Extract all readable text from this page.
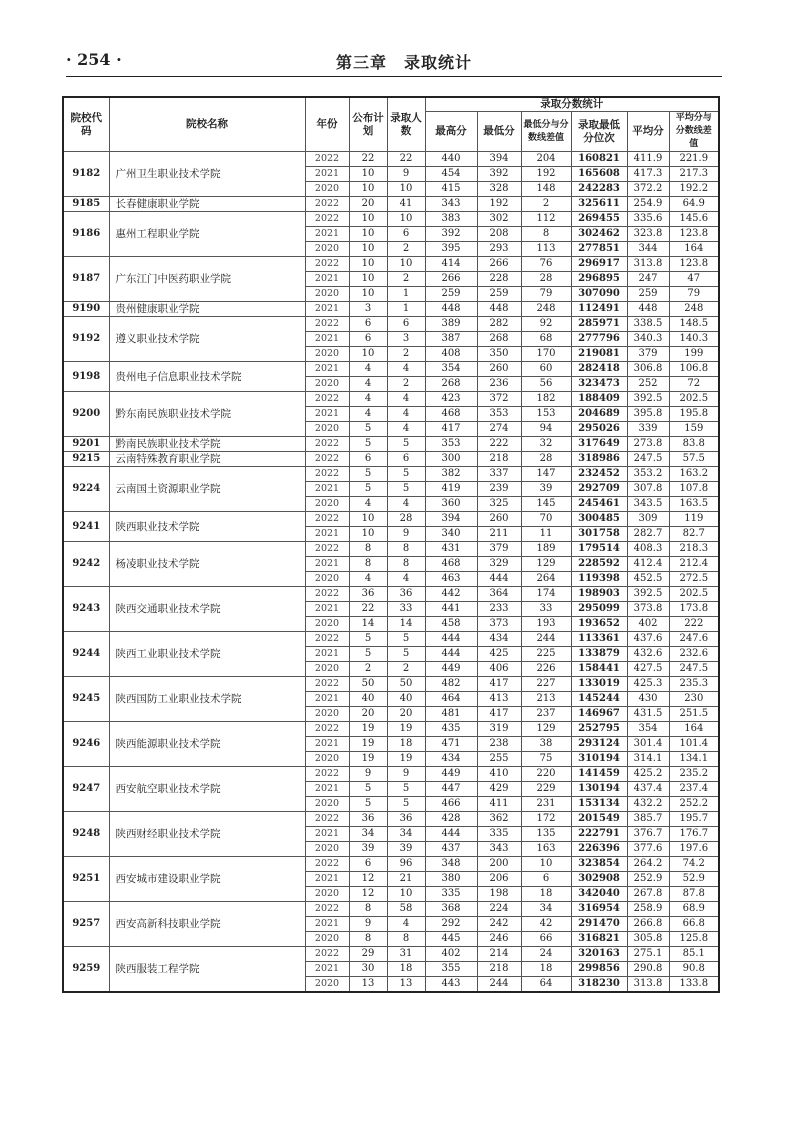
· 254 ·	第三章　录取统计
院校代码	院校名称	年份	公布计划	录取人数	录取分数统计					
					最高分	最低分	最低分与分数线差值	录取最低分位次	平均分	平均分与分数线差值
9182	广州卫生职业技术学院	2022	22	22	440	394	204	160821	411.9	221.9
		2021	10	9	454	392	192	165608	417.3	217.3
		2020	10	10	415	328	148	242283	372.2	192.2
9185	长春健康职业学院	2022	20	41	343	192	2	325611	254.9	64.9
9186	惠州工程职业学院	2022	10	10	383	302	112	269455	335.6	145.6
		2021	10	6	392	208	8	302462	323.8	123.8
		2020	10	2	395	293	113	277851	344	164
9187	广东江门中医药职业学院	2022	10	10	414	266	76	296917	313.8	123.8
		2021	10	2	266	228	28	296895	247	47
		2020	10	1	259	259	79	307090	259	79
9190	贵州健康职业学院	2021	3	1	448	448	248	112491	448	248
9192	遵义职业技术学院	2022	6	6	389	282	92	285971	338.5	148.5
		2021	6	3	387	268	68	277796	340.3	140.3
		2020	10	2	408	350	170	219081	379	199
9198	贵州电子信息职业技术学院	2021	4	4	354	260	60	282418	306.8	106.8
		2020	4	2	268	236	56	323473	252	72
9200	黔东南民族职业技术学院	2022	4	4	423	372	182	188409	392.5	202.5
		2021	4	4	468	353	153	204689	395.8	195.8
		2020	5	4	417	274	94	295026	339	159
9201	黔南民族职业技术学院	2022	5	5	353	222	32	317649	273.8	83.8
9215	云南特殊教育职业学院	2022	6	6	300	218	28	318986	247.5	57.5
9224	云南国土资源职业学院	2022	5	5	382	337	147	232452	353.2	163.2
		2021	5	5	419	239	39	292709	307.8	107.8
		2020	4	4	360	325	145	245461	343.5	163.5
9241	陕西职业技术学院	2022	10	28	394	260	70	300485	309	119
		2021	10	9	340	211	11	301758	282.7	82.7
9242	杨凌职业技术学院	2022	8	8	431	379	189	179514	408.3	218.3
		2021	8	8	468	329	129	228592	412.4	212.4
		2020	4	4	463	444	264	119398	452.5	272.5
9243	陕西交通职业技术学院	2022	36	36	442	364	174	198903	392.5	202.5
		2021	22	33	441	233	33	295099	373.8	173.8
		2020	14	14	458	373	193	193652	402	222
9244	陕西工业职业技术学院	2022	5	5	444	434	244	113361	437.6	247.6
		2021	5	5	444	425	225	133879	432.6	232.6
		2020	2	2	449	406	226	158441	427.5	247.5
9245	陕西国防工业职业技术学院	2022	50	50	482	417	227	133019	425.3	235.3
		2021	40	40	464	413	213	145244	430	230
		2020	20	20	481	417	237	146967	431.5	251.5
9246	陕西能源职业技术学院	2022	19	19	435	319	129	252795	354	164
		2021	19	18	471	238	38	293124	301.4	101.4
		2020	19	19	434	255	75	310194	314.1	134.1
9247	西安航空职业技术学院	2022	9	9	449	410	220	141459	425.2	235.2
		2021	5	5	447	429	229	130194	437.4	237.4
		2020	5	5	466	411	231	153134	432.2	252.2
9248	陕西财经职业技术学院	2022	36	36	428	362	172	201549	385.7	195.7
		2021	34	34	444	335	135	222791	376.7	176.7
		2020	39	39	437	343	163	226396	377.6	197.6
9251	西安城市建设职业学院	2022	6	96	348	200	10	323854	264.2	74.2
		2021	12	21	380	206	6	302908	252.9	52.9
		2020	12	10	335	198	18	342040	267.8	87.8
9257	西安高新科技职业学院	2022	8	58	368	224	34	316954	258.9	68.9
		2021	9	4	292	242	42	291470	266.8	66.8
		2020	8	8	445	246	66	316821	305.8	125.8
9259	陕西服装工程学院	2022	29	31	402	214	24	320163	275.1	85.1
		2021	30	18	355	218	18	299856	290.8	90.8
		2020	13	13	443	244	64	318230	313.8	133.8
